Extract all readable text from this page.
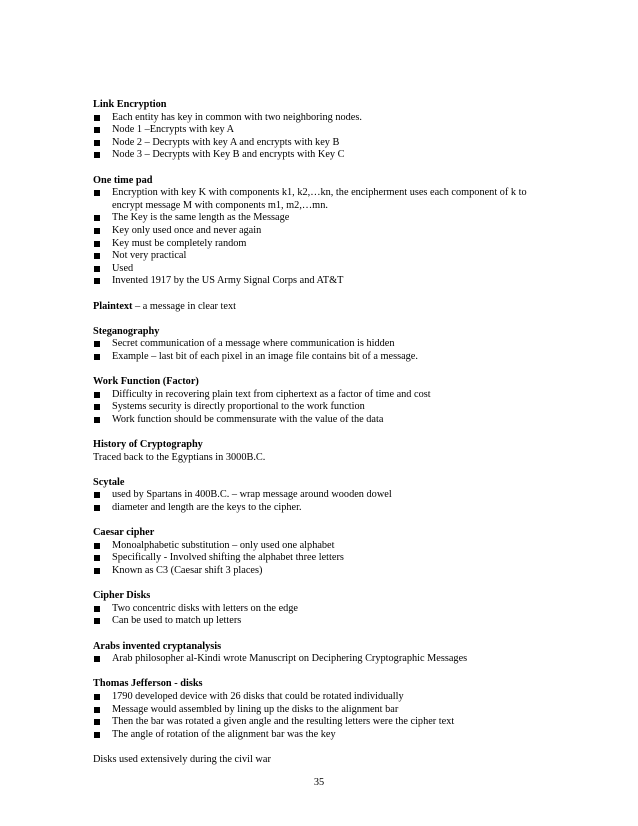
Link Encryption
Each entity has key in common with two neighboring nodes.
Node 1 –Encrypts with key A
Node 2 – Decrypts with key A and encrypts with key B
Node 3 – Decrypts with Key B and encrypts with Key C
One time pad
Encryption with key K with components k1, k2,…kn, the encipherment uses each component of k to encrypt message M with components m1, m2,…mn.
The Key is the same length as the Message
Key only used once and never again
Key must be completely random
Not very practical
Used
Invented 1917 by the US Army Signal Corps and AT&T
Plaintext – a message in clear text
Steganography
Secret communication of a message where communication is hidden
Example – last bit of each pixel in an image file contains bit of a message.
Work Function (Factor)
Difficulty in recovering plain text from ciphertext as a factor of time and cost
Systems security is directly proportional to the work function
Work function should be commensurate with the value of the data
History of Cryptography
Traced back to the Egyptians in 3000B.C.
Scytale
used by Spartans in 400B.C. – wrap message around wooden dowel
diameter and length are the keys to the cipher.
Caesar cipher
Monoalphabetic substitution – only used one alphabet
Specifically - Involved shifting the alphabet three letters
Known as C3 (Caesar shift 3 places)
Cipher Disks
Two concentric disks with letters on the edge
Can be used to match up letters
Arabs invented cryptanalysis
Arab philosopher al-Kindi wrote Manuscript on Deciphering Cryptographic Messages
Thomas Jefferson - disks
1790 developed device with 26 disks that could be rotated individually
Message would assembled by lining up the disks to the alignment bar
Then the bar was rotated a given angle and the resulting letters were the cipher text
The angle of rotation of the alignment bar was the key
Disks used extensively during the civil war
35
